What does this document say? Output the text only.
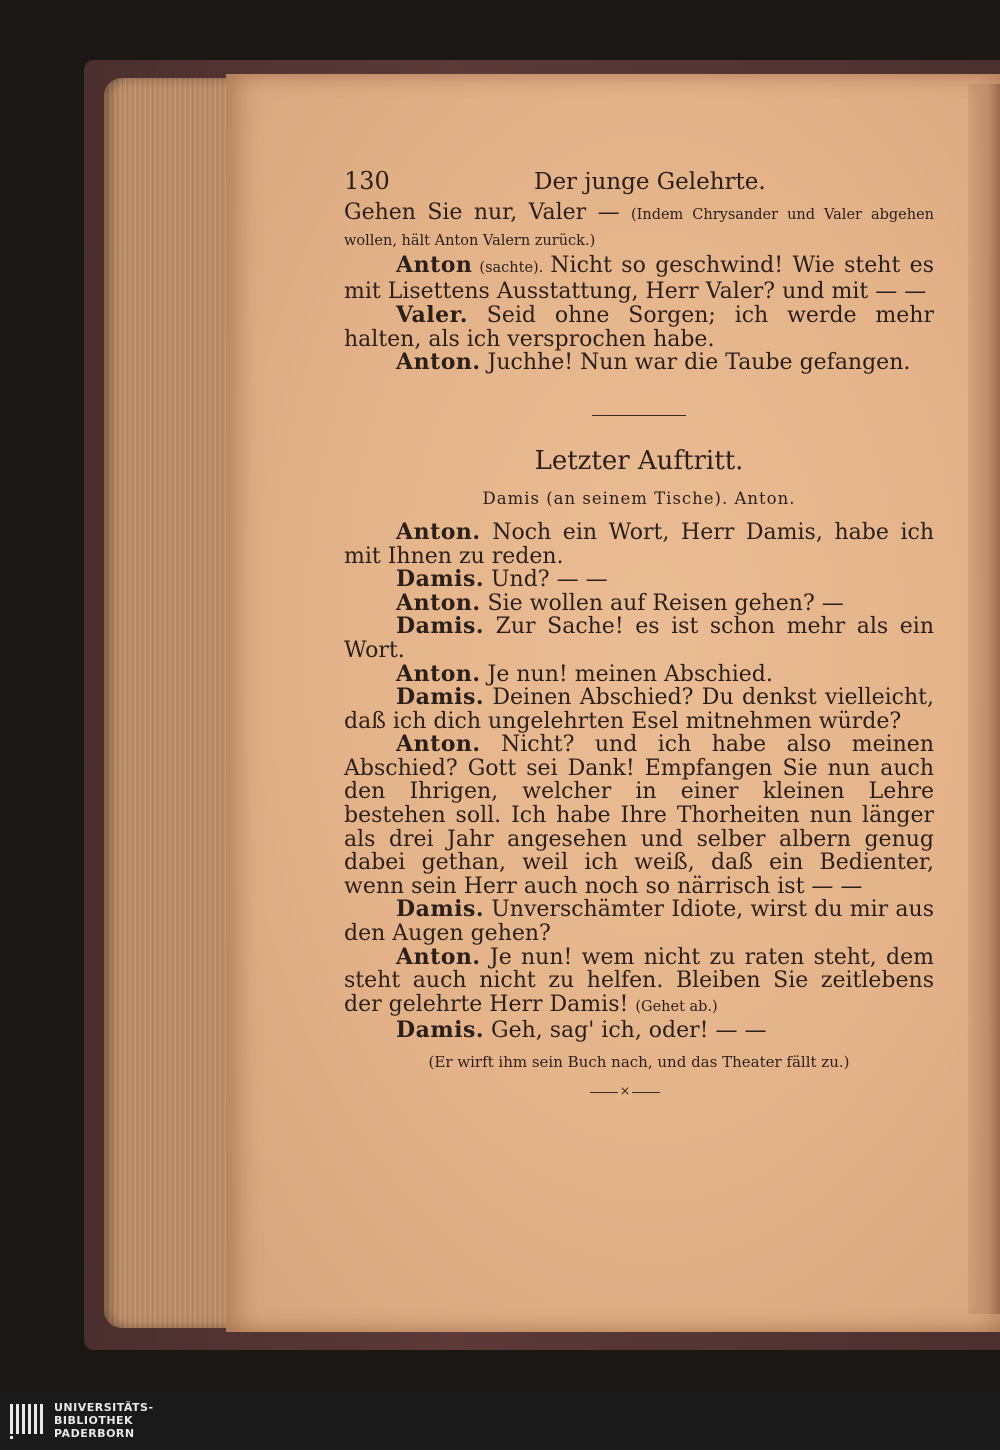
130	Der junge Gelehrte.

Gehen Sie nur, Valer — (Indem Chrysander und Valer abgehen wollen, hält Anton Valern zurück.)

Anton (sachte). Nicht so geschwind! Wie steht es mit Lisettens Ausstattung, Herr Valer? und mit — —

Valer. Seid ohne Sorgen; ich werde mehr halten, als ich versprochen habe.

Anton. Juchhe! Nun war die Taube gefangen.

Letzter Auftritt.
Damis (an seinem Tische). Anton.

Anton. Noch ein Wort, Herr Damis, habe ich mit Ihnen zu reden.

Damis. Und? — —

Anton. Sie wollen auf Reisen gehen? —

Damis. Zur Sache! es ist schon mehr als ein Wort.

Anton. Je nun! meinen Abschied.

Damis. Deinen Abschied? Du denkst vielleicht, daß ich dich ungelehrten Esel mitnehmen würde?

Anton. Nicht? und ich habe also meinen Abschied? Gott sei Dank! Empfangen Sie nun auch den Ihrigen, welcher in einer kleinen Lehre bestehen soll. Ich habe Ihre Thorheiten nun länger als drei Jahr angesehen und selber albern genug dabei gethan, weil ich weiß, daß ein Bedienter, wenn sein Herr auch noch so närrisch ist — —

Damis. Unverschämter Idiote, wirst du mir aus den Augen gehen?

Anton. Je nun! wem nicht zu raten steht, dem steht auch nicht zu helfen. Bleiben Sie zeitlebens der gelehrte Herr Damis! (Gehet ab.)

Damis. Geh, sag' ich, oder! — —

(Er wirft ihm sein Buch nach, und das Theater fällt zu.)
×
UNIVERSITÄTS-
BIBLIOTHEK
PADERBORN
